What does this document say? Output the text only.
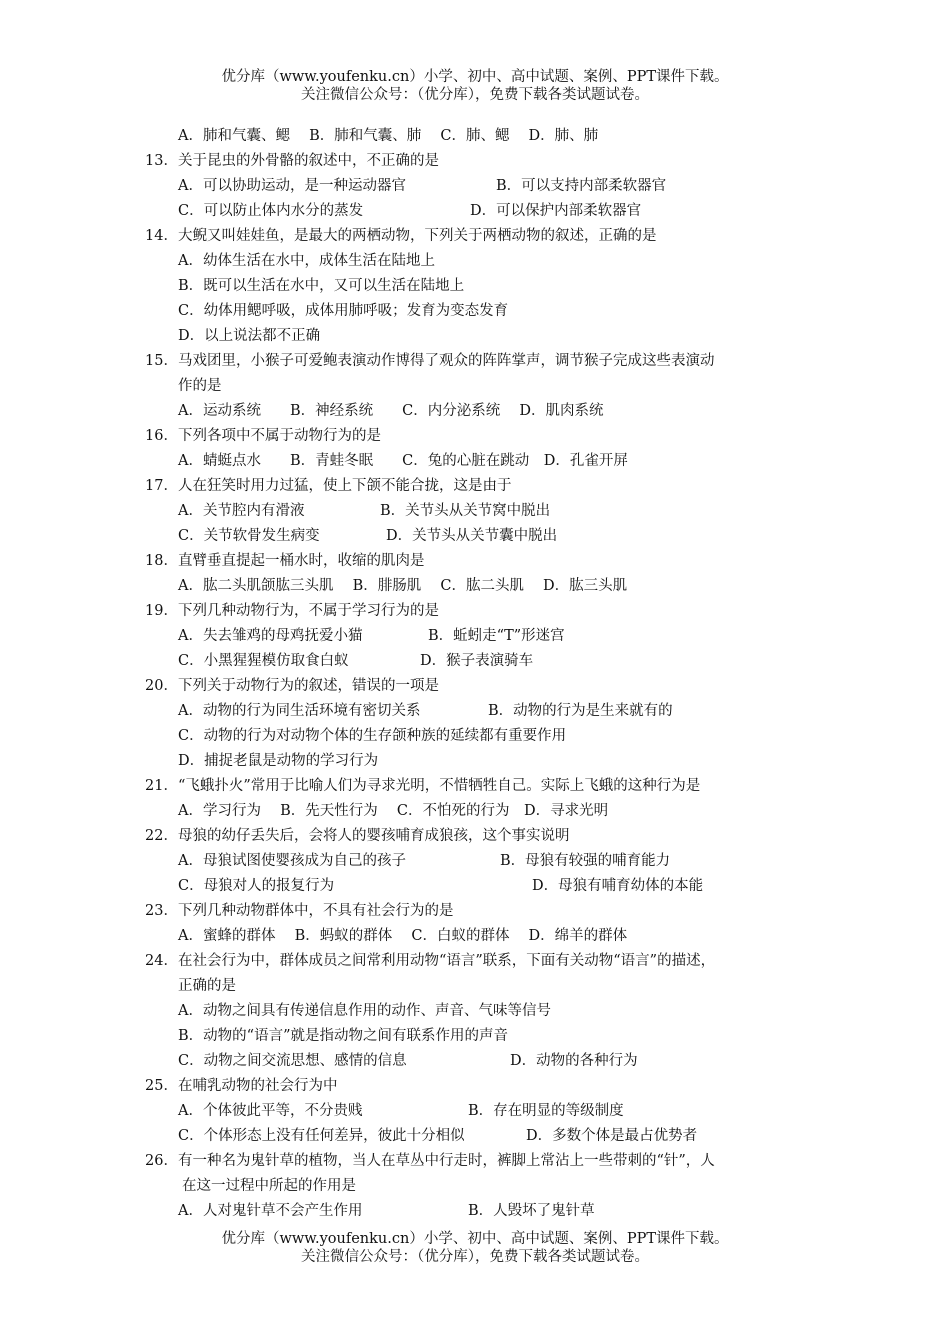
优分库（www.youfenku.cn）小学、初中、高中试题、案例、PPT课件下载。
关注微信公众号：（优分库），免费下载各类试题试卷。
A．肺和气囊、鳃　 B．肺和气囊、肺　 C．肺、鳃　 D．肺、肺
13．关于昆虫的外骨骼的叙述中，不正确的是
A．可以协助运动，是一种运动器官	B．可以支持内部柔软器官
C．可以防止体内水分的蒸发	D．可以保护内部柔软器官
14．大鲵又叫娃娃鱼，是最大的两栖动物，下列关于两栖动物的叙述，正确的是
A．幼体生活在水中，成体生活在陆地上
B．既可以生活在水中，又可以生活在陆地上
C．幼体用鳃呼吸，成体用肺呼吸；发育为变态发育
D．以上说法都不正确
15．马戏团里，小猴子可爱鲍表演动作博得了观众的阵阵掌声，调节猴子完成这些表演动
作的是
A．运动系统　　B．神经系统　　C．内分泌系统　 D．肌肉系统
16．下列各项中不属于动物行为的是
A．蜻蜓点水　　B．青蛙冬眠　　C．兔的心脏在跳动　D．孔雀开屏
17．人在狂笑时用力过猛，使上下颌不能合拢，这是由于
A．关节腔内有滑液	B．关节头从关节窝中脱出
C．关节软骨发生病变	D．关节头从关节囊中脱出
18．直臂垂直提起一桶水时，收缩的肌肉是
A．肱二头肌颌肱三头肌　 B．腓肠肌　 C．肱二头肌　 D．肱三头肌
19．下列几种动物行为，不属于学习行为的是
A．失去雏鸡的母鸡抚爱小猫	B．蚯蚓走“T”形迷宫
C．小黑猩猩模仿取食白蚁	D．猴子表演骑车
20．下列关于动物行为的叙述，错误的一项是
A．动物的行为同生活环境有密切关系	B．动物的行为是生来就有的
C．动物的行为对动物个体的生存颌种族的延续都有重要作用
D．捕捉老鼠是动物的学习行为
21．“飞蛾扑火”常用于比喻人们为寻求光明，不惜牺牲自己。实际上飞蛾的这种行为是
A．学习行为　 B．先天性行为　 C．不怕死的行为　D．寻求光明
22．母狼的幼仔丢失后，会将人的婴孩哺育成狼孩，这个事实说明
A．母狼试图使婴孩成为自己的孩子	B．母狼有较强的哺育能力
C．母狼对人的报复行为	D．母狼有哺育幼体的本能
23．下列几种动物群体中，不具有社会行为的是
A．蜜蜂的群体　 B．蚂蚁的群体　 C．白蚁的群体　 D．绵羊的群体
24．在社会行为中，群体成员之间常利用动物“语言”联系，下面有关动物“语言”的描述，
正确的是
A．动物之间具有传递信息作用的动作、声音、气味等信号
B．动物的“语言”就是指动物之间有联系作用的声音
C．动物之间交流思想、感情的信息	D．动物的各种行为
25．在哺乳动物的社会行为中
A．个体彼此平等，不分贵贱	B．存在明显的等级制度
C．个体形态上没有任何差异，彼此十分相似	D．多数个体是最占优势者
26．有一种名为鬼针草的植物，当人在草丛中行走时，裤脚上常沾上一些带刺的“针”，人
在这一过程中所起的作用是
A．人对鬼针草不会产生作用	B．人毁坏了鬼针草
优分库（www.youfenku.cn）小学、初中、高中试题、案例、PPT课件下载。
关注微信公众号：（优分库），免费下载各类试题试卷。
